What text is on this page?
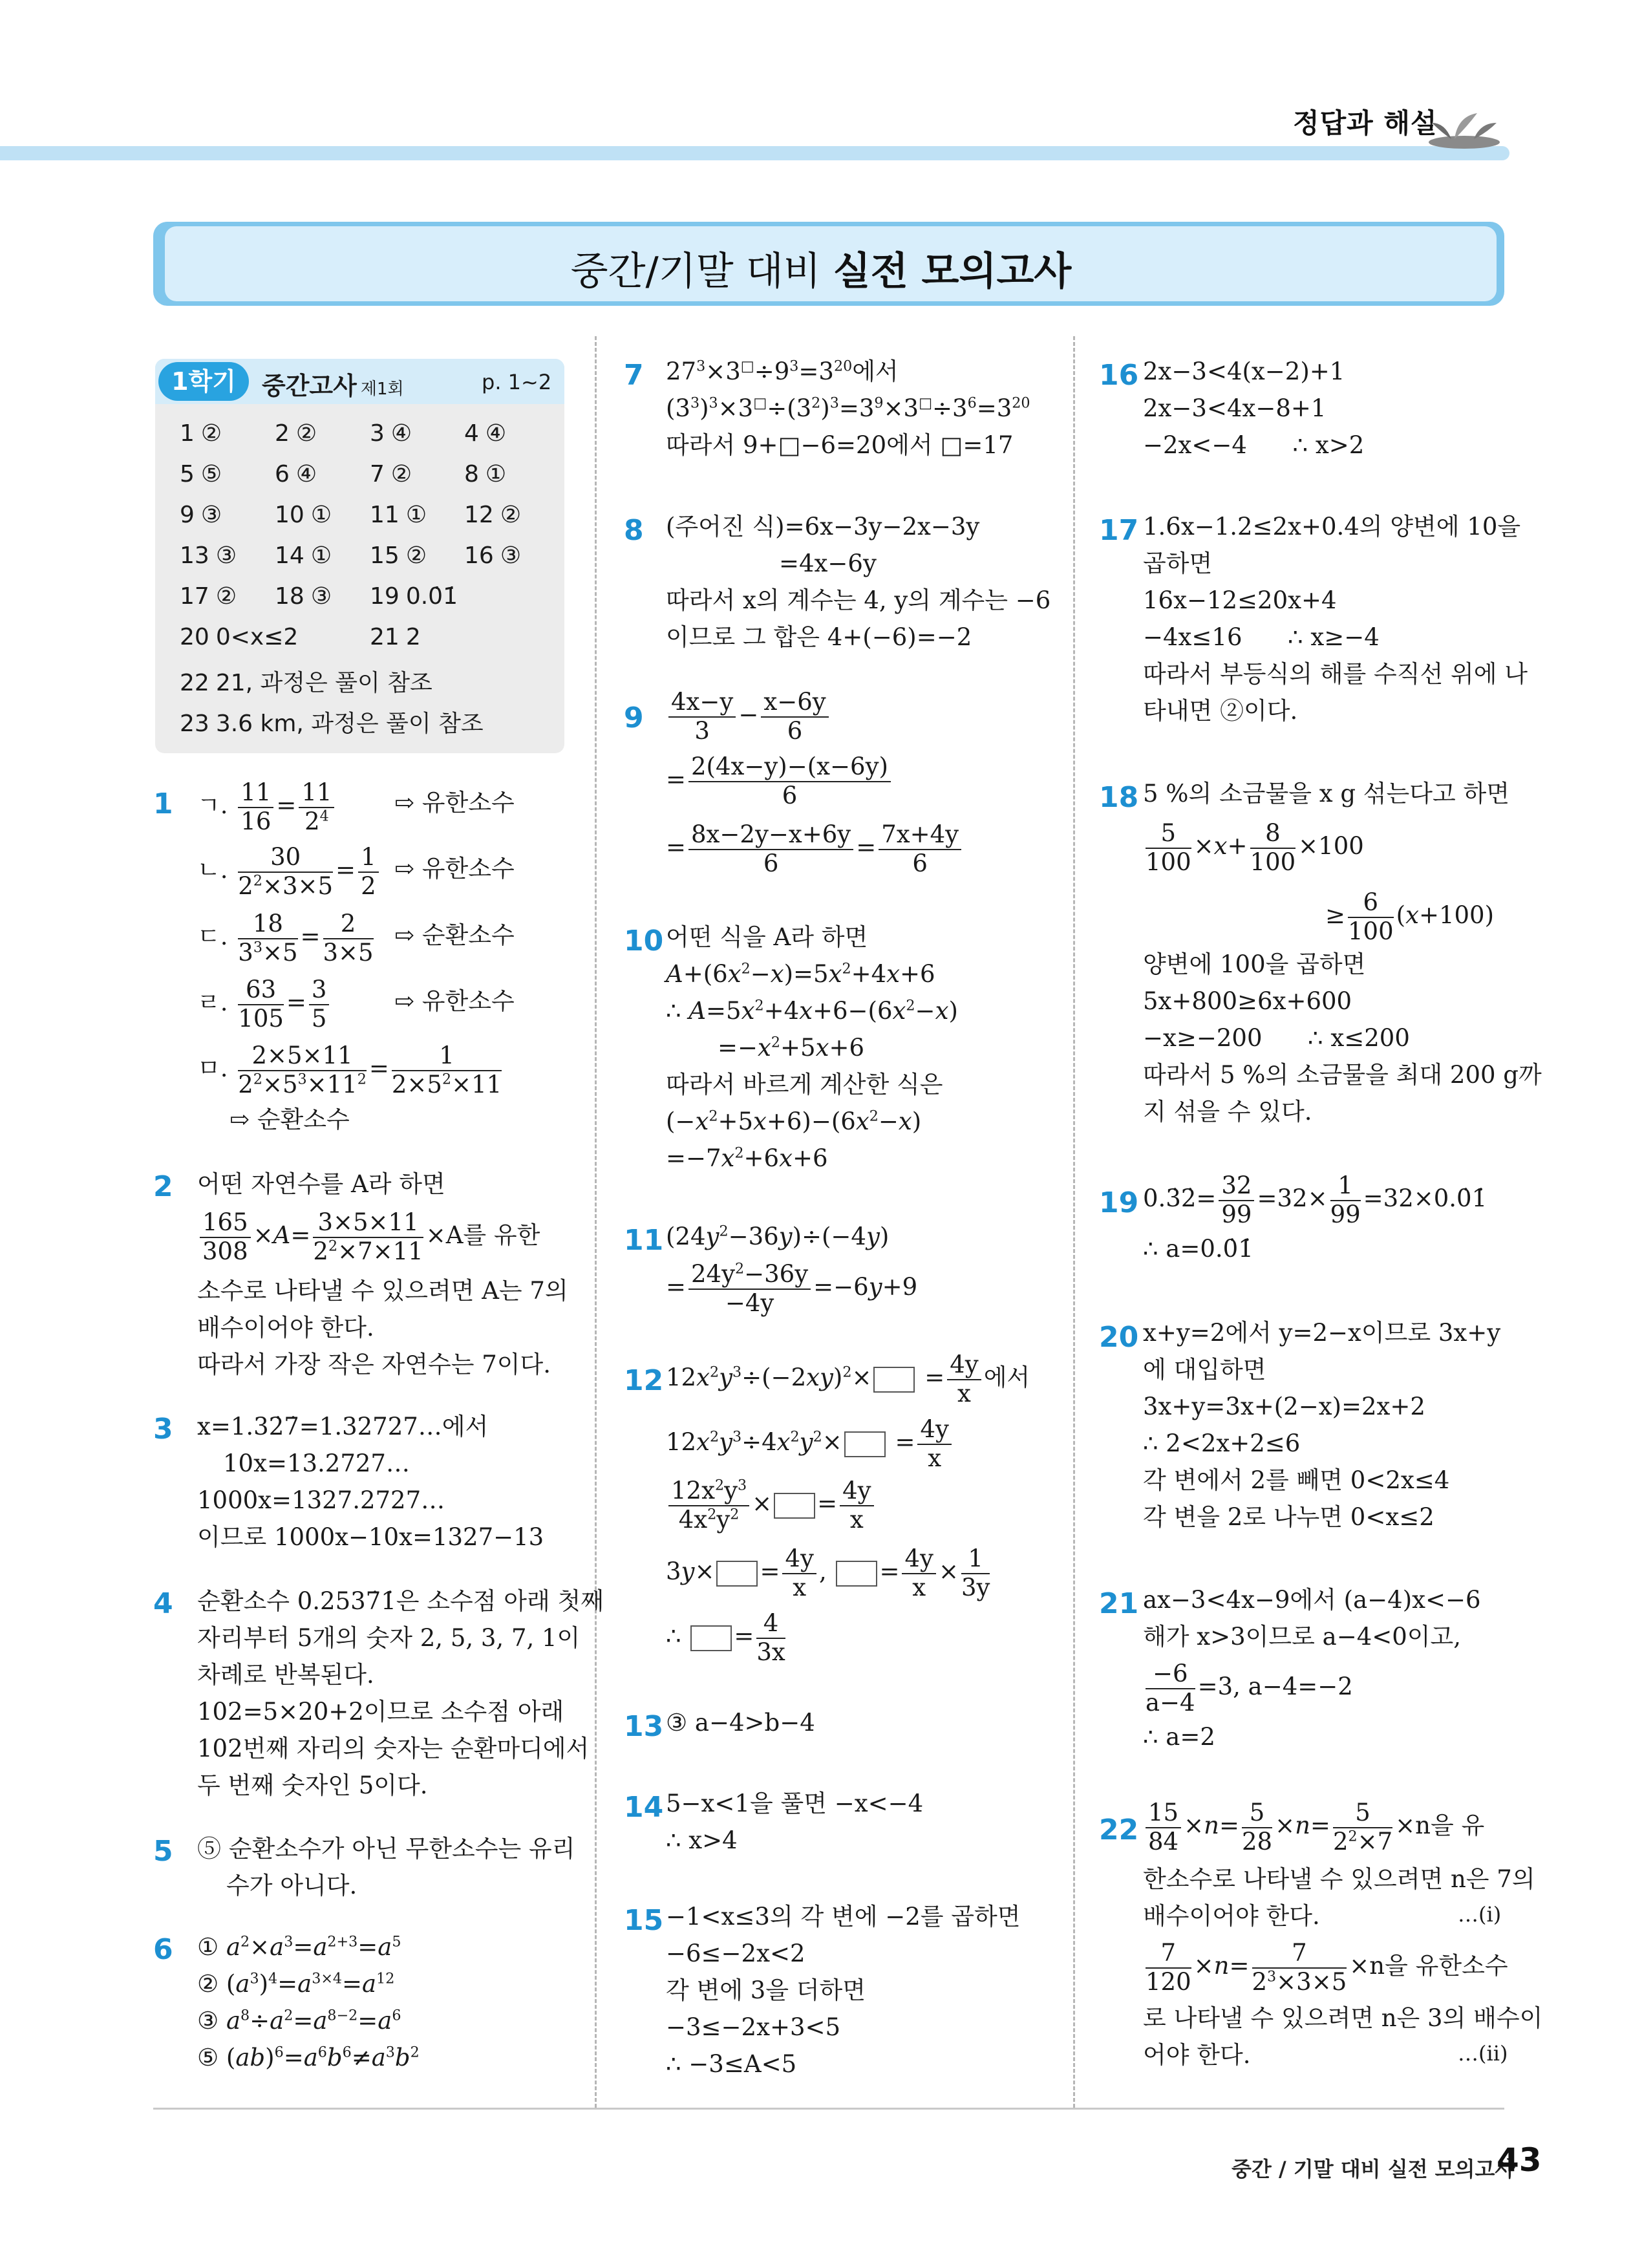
정답과 해설
중간/기말 대비 실전 모의고사
1학기	중간고사 제1회	p. 1~2
1 ② 2 ② 3 ④ 4 ④
5 ⑤ 6 ④ 7 ② 8 ①
9 ③ 10 ① 11 ① 12 ②
13 ③ 14 ① 15 ② 16 ③
17 ② 18 ③ 19 0.0̇1̇
20 0<x≤2	21 2
22 21, 과정은 풀이 참조
23 3.6 km, 과정은 풀이 참조
1 ㄱ. $\frac{11}{16} = \frac{11}{2^4}$	⇨ 유한소수
ㄴ. $\frac{30}{2^2\times 3\times 5} = \frac{1}{2}$ ⇨ 유한소수
ㄷ. $\frac{18}{3^3\times 5} = \frac{2}{3\times 5}$ ⇨ 순환소수
ㄹ. $\frac{63}{105} = \frac{3}{5}$	⇨ 유한소수
ㅁ. $\frac{2\times 5\times 11}{2^2\times 5^3\times 11^2} = \frac{1}{2\times 5^2\times 11}$
⇨ 순환소수
2 어떤 자연수를 A라 하면
$\frac{165}{308} \times A= \frac{3\times 5\times 11}{2^2\times 7\times 11} \times A$를 유한
소수로 나타낼 수 있으려면 A는 7의
배수이어야 한다.
따라서 가장 작은 자연수는 7이다.
3 x=1.32̇7̇=1.32727…에서
10x=13.2727…
1000x=1327.2727…
이므로 1000x−10x=1327−13
4 순환소수 0.2537̇1̇은 소수점 아래 첫째
자리부터 5개의 숫자 2, 5, 3, 7, 1이
차례로 반복된다.
102=5×20+2이므로 소수점 아래
102번째 자리의 숫자는 순환마디에서
두 번째 숫자인 5이다.
5 ⑤ 순환소수가 아닌 무한소수는 유리
수가 아니다.
6 ① $a^2\times a^3=a^{2+3}=a^5$
② $(a^3)^4=a^{3\times 4}=a^{12}$
③ $a^8\div a^2=a^{8-2}=a^6$
⑤ $(ab)^6=a^6b^6\ne a^3b^2$
7 $27^3\times 3^□\div 9^3=3^{20}$에서
$(3^3)^3\times 3^□\div(3^2)^3=3^9\times 3^□\div 3^6=3^{20}$
따라서 9+□−6=20에서 □=17
8 (주어진 식)=6x−3y−2x−3y
=4x−6y
따라서 x의 계수는 4, y의 계수는 −6
이므로 그 합은 4+(−6)=−2
$9 \frac{4x-y}{3} - \frac{x-6y}{6}$
= $\frac{2(4x-y)-(x-6y)}{6}$
= $\frac{8x-2y-x+6y}{6} = \frac{7x+4y}{6}$
10 어떤 식을 A라 하면
$A+(6x^2-x)=5x^2+4x+6$
∴ $A=5x^2+4x+6-(6x^2-x)$
$=-x^2+5x+6$
따라서 바르게 계산한 식은
$(-x^2+5x+6)-(6x^2-x)$
$=-7x^2+6x+6$
11 $(24y^2-36y)\div(-4y)$
= $\frac{24y^2-36y}{-4y} =-6y+9$
12 $12x^2y^3\div(-2xy)^2\times = \frac{4y}{x}$ 에서
$12x^2y^3\div 4x^2y^2\times = \frac{4y}{x}$
$\frac{12x^2y^3}{4x^2y^2}$ × = $\frac{4y}{x}$
$3y\times = \frac{4y}{x}$ , = $\frac{4y}{x} \times \frac{1}{3y}$
∴ = $\frac{4}{3x}$
13 ③ a−4>b−4
14 5−x<1을 풀면 −x<−4
∴ x>4
15 −1<x≤3의 각 변에 −2를 곱하면
−6≤−2x<2
각 변에 3을 더하면
−3≤−2x+3<5
∴ −3≤A<5
16 2x−3<4(x−2)+1
2x−3<4x−8+1
−2x<−4      ∴ x>2
17 1.6x−1.2≤2x+0.4의 양변에 10을
곱하면
16x−12≤20x+4
−4x≤16      ∴ x≥−4
따라서 부등식의 해를 수직선 위에 나
타내면 ②이다.
18 5 %의 소금물을 x g 섞는다고 하면
$\frac{5}{100} \times x+ \frac{8}{100} \times 100$
≥ $\frac{6}{100} (x+100)$
양변에 100을 곱하면
5x+800≥6x+600
−x≥−200      ∴ x≤200
따라서 5 %의 소금물을 최대 200 g까
지 섞을 수 있다.
19 0.3̇2̇= $\frac{32}{99} =32\times \frac{1}{99}$ =32×0.0̇1̇
∴ a=0.0̇1̇
20 x+y=2에서 y=2−x이므로 3x+y
에 대입하면
3x+y=3x+(2−x)=2x+2
∴ 2<2x+2≤6
각 변에서 2를 빼면 0<2x≤4
각 변을 2로 나누면 0<x≤2
21 ax−3<4x−9에서 (a−4)x<−6
해가 x>3이므로 a−4<0이고,
$\frac{-6}{a-4} =3$, a−4=−2
∴ a=2
$22 \frac{15}{84} \times n= \frac{5}{28} \times n= \frac{5}{2^2\times 7} \times n$을 유
한소수로 나타낼 수 있으려면 n은 7의
배수이어야 한다.	…(ⅰ)
$\frac{7}{120} \times n= \frac{7}{2^3\times 3\times 5} \times n$을 유한소수
로 나타낼 수 있으려면 n은 3의 배수이
어야 한다.	…(ⅱ)
중간 / 기말 대비 실전 모의고사
43
